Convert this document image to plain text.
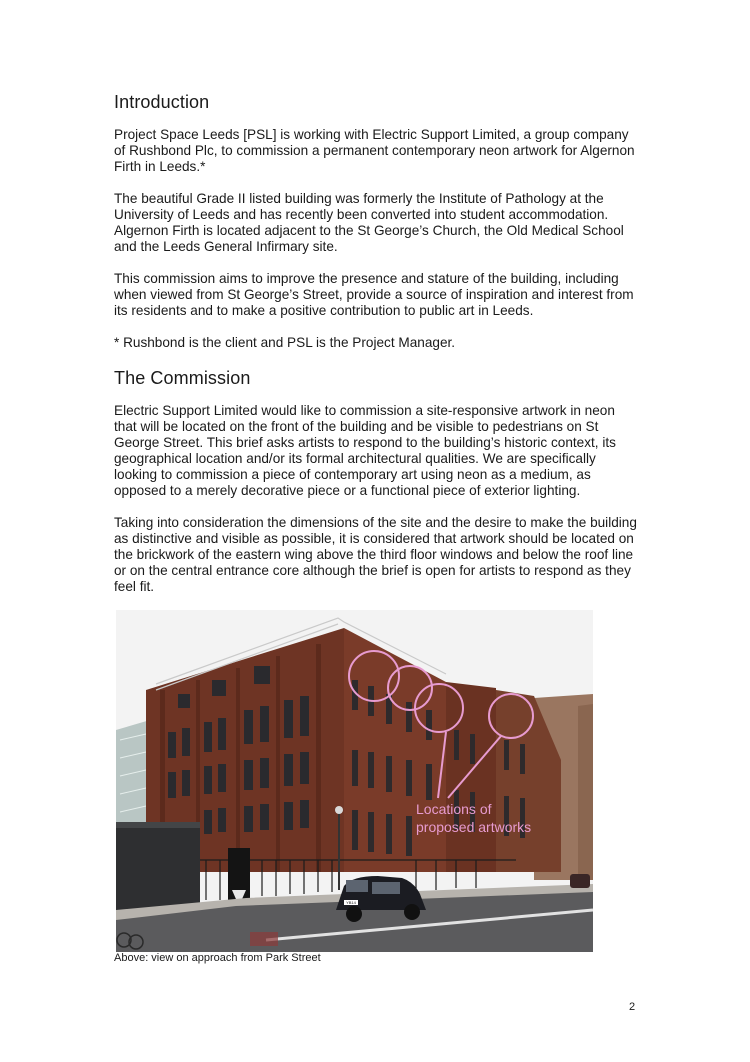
Introduction

Project Space Leeds [PSL] is working with Electric Support Limited, a group company of Rushbond Plc, to commission a permanent contemporary neon artwork for Algernon Firth in Leeds.*

The beautiful Grade II listed building was formerly the Institute of Pathology at the University of Leeds and has recently been converted into student accommodation. Algernon Firth is located adjacent to the St George’s Church, the Old Medical School and the Leeds General Infirmary site.

This commission aims to improve the presence and stature of the building, including when viewed from St George’s Street, provide a source of inspiration and interest from its residents and to make a positive contribution to public art in Leeds.

* Rushbond is the client and PSL is the Project Manager.

The Commission

Electric Support Limited would like to commission a site-responsive artwork in neon that will be located on the front of the building and be visible to pedestrians on St George Street. This brief asks artists to respond to the building’s historic context, its geographical location and/or its formal architectural qualities. We are specifically looking to commission a piece of contemporary art using neon as a medium, as opposed to a merely decorative piece or a functional piece of exterior lighting.

Taking into consideration the dimensions of the site and the desire to make the building as distinctive and visible as possible, it is considered that artwork should be located on the brickwork of the eastern wing above the third floor windows and below the roof line or on the central entrance core although the brief is open for artists to respond as they feel fit.

YB14
Locations of
proposed artworks

Above: view on approach from Park Street

2
